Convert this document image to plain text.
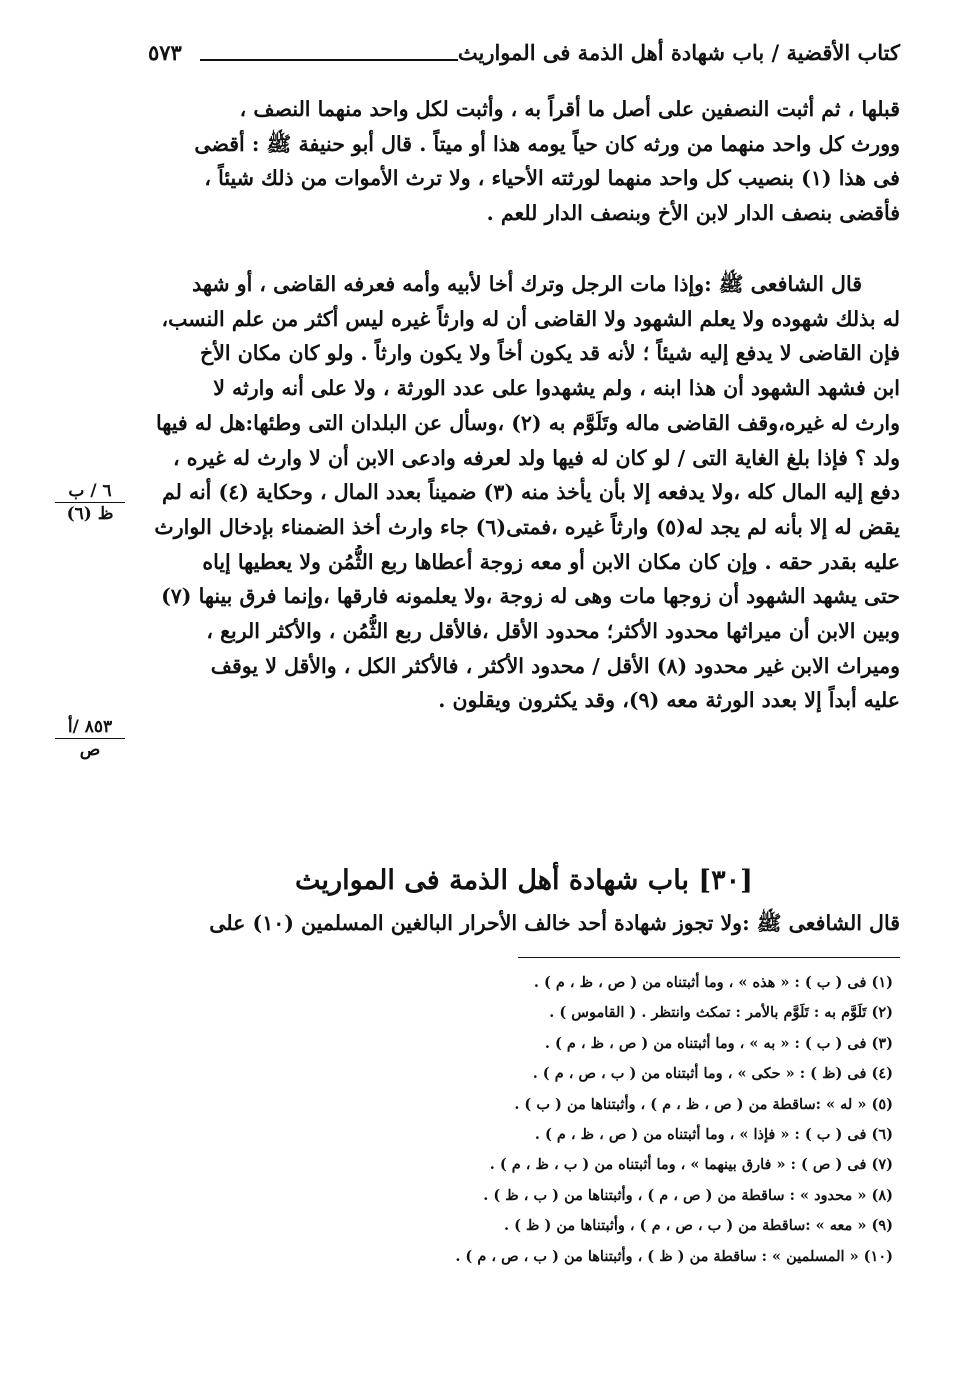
كتاب الأقضية / باب شهادة أهل الذمة فى المواريث
٥٧٣
قبلها ، ثم أثبت النصفين على أصل ما أقراً به ، وأثبت لكل واحد منهما النصف ،
وورث كل واحد منهما من ورثه كان حياً يومه هذا أو ميتاً . قال أبو حنيفة ﷺ : أقضى
فى هذا (١) بنصيب كل واحد منهما لورثته الأحياء ، ولا ترث الأموات من ذلك شيئاً ،
فأقضى بنصف الدار لابن الأخ وبنصف الدار للعم .
قال الشافعى ﷺ :وإذا مات الرجل وترك أخا لأبيه وأمه فعرفه القاضى ، أو شهد
له بذلك شهوده ولا يعلم الشهود ولا القاضى أن له وارثاً غيره ليس أكثر من علم النسب،
فإن القاضى لا يدفع إليه شيئاً ؛ لأنه قد يكون أخاً ولا يكون وارثاً . ولو كان مكان الأخ
ابن فشهد الشهود أن هذا ابنه ، ولم يشهدوا على عدد الورثة ، ولا على أنه وارثه لا
وارث له غيره،وقف القاضى ماله وتَلَوَّم به (٢) ،وسأل عن البلدان التى وطئها:هل له فيها
ولد ؟ فإذا بلغ الغاية التى / لو كان له فيها ولد لعرفه وادعى الابن أن لا وارث له غيره ،
دفع إليه المال كله ،ولا يدفعه إلا بأن يأخذ منه (٣) ضميناً بعدد المال ، وحكاية (٤) أنه لم
يقض له إلا بأنه لم يجد له(٥) وارثاً غيره ،فمتى(٦) جاء وارث أخذ الضمناء بإدخال الوارث
عليه بقدر حقه . وإن كان مكان الابن أو معه زوجة أعطاها ربع الثُّمُن ولا يعطيها إياه
حتى يشهد الشهود أن زوجها مات وهى له زوجة ،ولا يعلمونه فارقها ،وإنما فرق بينها (٧)
وبين الابن أن ميراثها محدود الأكثر؛ محدود الأقل ،فالأقل ربع الثُّمُن ، والأكثر الربع ،
وميراث الابن غير محدود (٨) الأقل / محدود الأكثر ، فالأكثر الكل ، والأقل لا يوقف
عليه أبداً إلا بعدد الورثة معه (٩)، وقد يكثرون ويقلون .
٦ / ب
ظ (٦)
٨٥٣ /أ
ص
[٣٠] باب شهادة أهل الذمة فى المواريث
قال الشافعى ﷺ :ولا تجوز شهادة أحد خالف الأحرار البالغين المسلمين (١٠) على
(١) فى ( ب ) : « هذه » ، وما أثبتناه من ( ص ، ظ ، م ) .
(٢) تَلَوَّم به : تَلَوَّم بالأمر : تمكث وانتظر . ( القاموس ) .
(٣) فى ( ب ) : « به » ، وما أثبتناه من ( ص ، ظ ، م ) .
(٤) فى (ظ ) : « حكى » ، وما أثبتناه من ( ب ، ص ، م ) .
(٥) « له » :ساقطة من ( ص ، ظ ، م ) ، وأثبتناها من ( ب ) .
(٦) فى ( ب ) : « فإذا » ، وما أثبتناه من ( ص ، ظ ، م ) .
(٧) فى ( ص ) : « فارق بينهما » ، وما أثبتناه من ( ب ، ظ ، م ) .
(٨) « محدود » : ساقطة من ( ص ، م ) ، وأثبتناها من ( ب ، ظ ) .
(٩) « معه » :ساقطة من ( ب ، ص ، م ) ، وأثبتناها من ( ظ ) .
(١٠) « المسلمين » : ساقطة من ( ظ ) ، وأثبتناها من ( ب ، ص ، م ) .
